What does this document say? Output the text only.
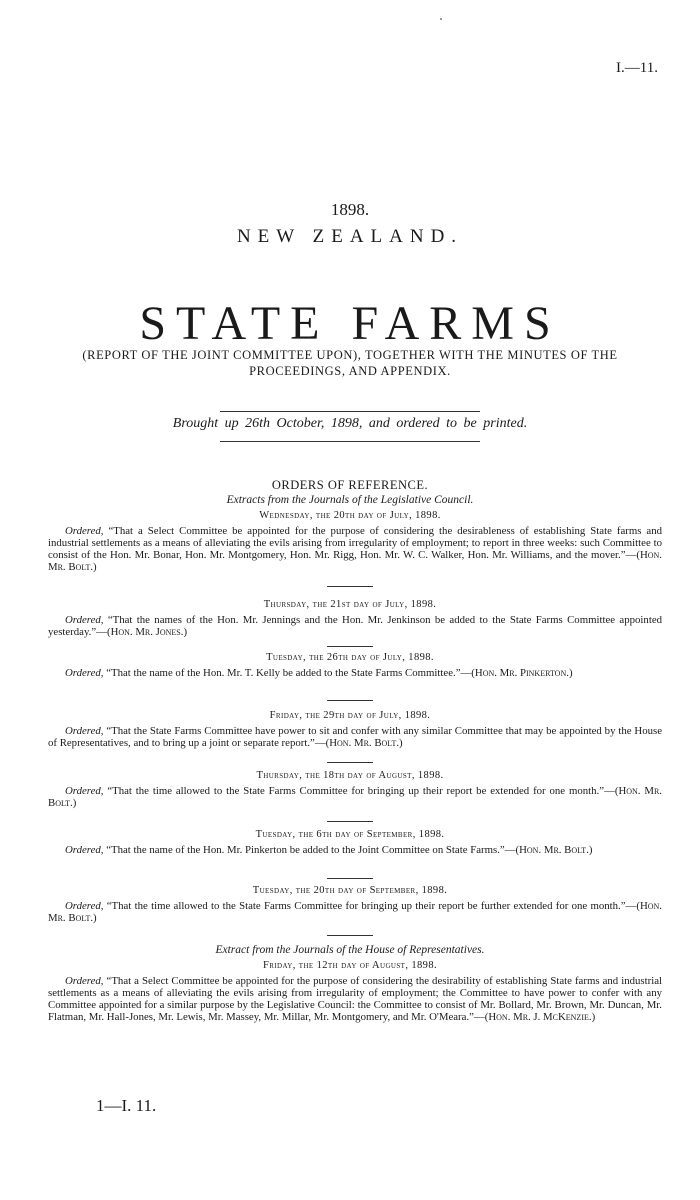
I.—11.
1898.
NEW ZEALAND.
STATE FARMS
(REPORT OF THE JOINT COMMITTEE UPON), TOGETHER WITH THE MINUTES OF THE PROCEEDINGS, AND APPENDIX.
Brought up 26th October, 1898, and ordered to be printed.
ORDERS OF REFERENCE.
Extracts from the Journals of the Legislative Council.
Wednesday, the 20th day of July, 1898.
Ordered, “That a Select Committee be appointed for the purpose of considering the desirableness of establishing State farms and industrial settlements as a means of alleviating the evils arising from irregularity of employment; to report in three weeks: such Committee to consist of the Hon. Mr. Bonar, Hon. Mr. Montgomery, Hon. Mr. Rigg, Hon. Mr. W. C. Walker, Hon. Mr. Williams, and the mover.”—(Hon. Mr. Bolt.)
Thursday, the 21st day of July, 1898.
Ordered, “That the names of the Hon. Mr. Jennings and the Hon. Mr. Jenkinson be added to the State Farms Committee appointed yesterday.”—(Hon. Mr. Jones.)
Tuesday, the 26th day of July, 1898.
Ordered, “That the name of the Hon. Mr. T. Kelly be added to the State Farms Committee.”—(Hon. Mr. Pinkerton.)
Friday, the 29th day of July, 1898.
Ordered, “That the State Farms Committee have power to sit and confer with any similar Committee that may be appointed by the House of Representatives, and to bring up a joint or separate report.”—(Hon. Mr. Bolt.)
Thursday, the 18th day of August, 1898.
Ordered, “That the time allowed to the State Farms Committee for bringing up their report be extended for one month.”—(Hon. Mr. Bolt.)
Tuesday, the 6th day of September, 1898.
Ordered, “That the name of the Hon. Mr. Pinkerton be added to the Joint Committee on State Farms.”—(Hon. Mr. Bolt.)
Tuesday, the 20th day of September, 1898.
Ordered, “That the time allowed to the State Farms Committee for bringing up their report be further extended for one month.”—(Hon. Mr. Bolt.)
Extract from the Journals of the House of Representatives.
Friday, the 12th day of August, 1898.
Ordered, “That a Select Committee be appointed for the purpose of considering the desirability of establishing State farms and industrial settlements as a means of alleviating the evils arising from irregularity of employment; the Committee to have power to confer with any Committee appointed for a similar purpose by the Legislative Council: the Committee to consist of Mr. Bollard, Mr. Brown, Mr. Duncan, Mr. Flatman, Mr. Hall-Jones, Mr. Lewis, Mr. Massey, Mr. Millar, Mr. Montgomery, and Mr. O'Meara.”—(Hon. Mr. J. McKenzie.)
1—I. 11.
